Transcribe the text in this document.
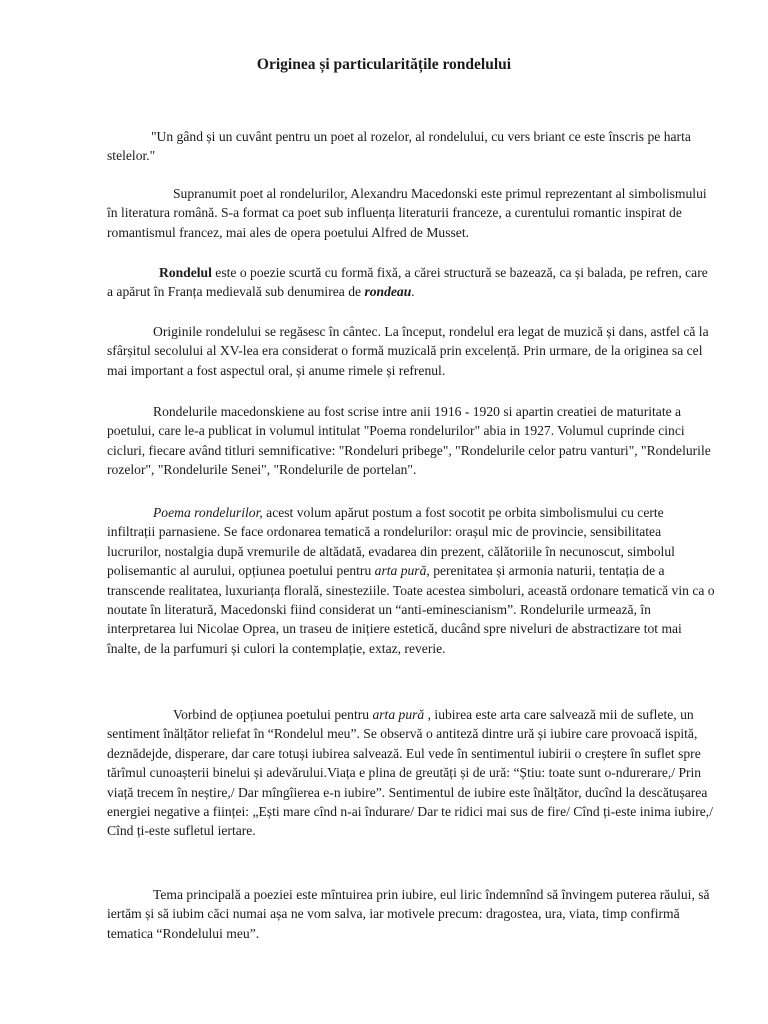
Originea și particularitățile rondelului

"Un gând și un cuvânt pentru un poet al rozelor, al rondelului, cu vers briant ce este înscris pe harta stelelor."

Supranumit poet al rondelurilor, Alexandru Macedonski este primul reprezentant al simbolismului în literatura română. S-a format ca poet sub influența literaturii franceze, a curentului romantic inspirat de romantismul francez, mai ales de opera poetului Alfred de Musset.

Rondelul este o poezie scurtă cu formă fixă, a cărei structură se bazează, ca și balada, pe refren, care a apărut în Franța medievală sub denumirea de rondeau.

Originile rondelului se regăsesc în cântec. La început, rondelul era legat de muzică și dans, astfel că la sfârșitul secolului al XV-lea era considerat o formă muzicală prin excelență. Prin urmare, de la originea sa cel mai important a fost aspectul oral, și anume rimele și refrenul.

Rondelurile macedonskiene au fost scrise intre anii 1916 - 1920 si apartin creatiei de maturitate a poetului, care le-a publicat in volumul intitulat "Poema rondelurilor" abia in 1927. Volumul cuprinde cinci cicluri, fiecare având titluri semnificative: "Rondeluri pribege", "Rondelurile celor patru vanturi", "Rondelurile rozelor", "Rondelurile Senei", "Rondelurile de portelan".

Poema rondelurilor, acest volum apărut postum a fost socotit pe orbita simbolismului cu certe infiltrații parnasiene. Se face ordonarea tematică a rondelurilor: orașul mic de provincie, sensibilitatea lucrurilor, nostalgia după vremurile de altădată, evadarea din prezent, călătoriile în necunoscut, simbolul polisemantic al aurului, opțiunea poetului pentru arta pură, perenitatea și armonia naturii, tentația de a transcende realitatea, luxurianța florală, sinesteziile. Toate acestea simboluri, această ordonare tematică vin ca o noutate în literatură, Macedonski fiind considerat un “anti-eminescianism”. Rondelurile urmează, în interpretarea lui Nicolae Oprea, un traseu de inițiere estetică, ducând spre niveluri de abstractizare tot mai înalte, de la parfumuri și culori la contemplație, extaz, reverie.

Vorbind de opțiunea poetului pentru arta pură , iubirea este arta care salvează mii de suflete, un sentiment înălțător reliefat în “Rondelul meu”. Se observă o antiteză dintre ură și iubire care provoacă ispită, deznădejde, disperare, dar care totuși iubirea salvează. Eul vede în sentimentul iubirii o creștere în suflet spre tărîmul cunoașterii binelui și adevărului.Viața e plina de greutăți și de ură: “Știu: toate sunt o-ndurerare,/ Prin viață trecem în neștire,/ Dar mîngîierea e-n iubire”. Sentimentul de iubire este înălțător, ducînd la descătușarea energiei negative a ființei: „Ești mare cînd n-ai îndurare/ Dar te ridici mai sus de fire/ Cînd ți-este inima iubire,/ Cînd ți-este sufletul iertare.

Tema principală a poeziei este mîntuirea prin iubire, eul liric îndemnînd să învingem puterea răului, să iertăm și să iubim căci numai așa ne vom salva, iar motivele precum: dragostea, ura, viata, timp confirmă tematica “Rondelului meu”.
